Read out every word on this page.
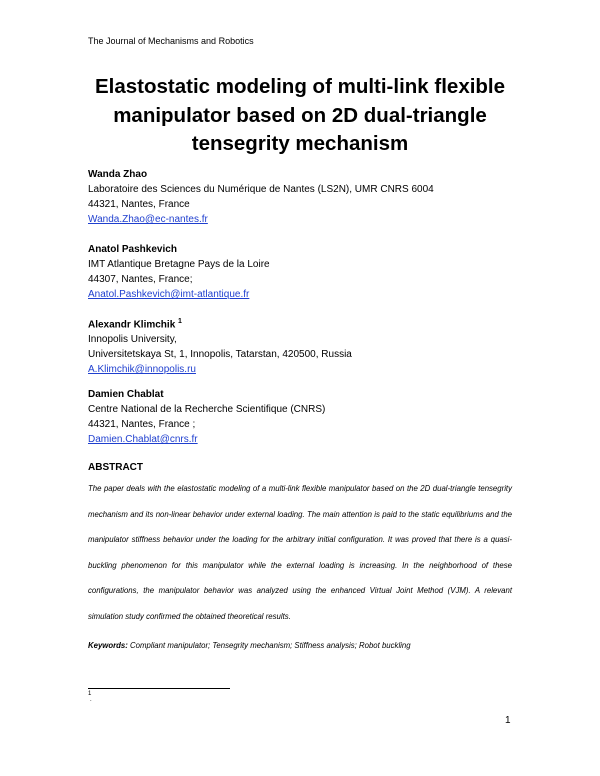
The Journal of Mechanisms and Robotics
Elastostatic modeling of multi-link flexible
manipulator based on 2D dual-triangle
tensegrity mechanism
Wanda Zhao
Laboratoire des Sciences du Numérique de Nantes (LS2N), UMR CNRS 6004
44321, Nantes, France
Wanda.Zhao@ec-nantes.fr
Anatol Pashkevich
IMT Atlantique Bretagne Pays de la Loire
44307, Nantes, France;
Anatol.Pashkevich@imt-atlantique.fr
Alexandr Klimchik $^1$
Innopolis University,
Universitetskaya St, 1, Innopolis, Tatarstan, 420500, Russia
A.Klimchik@innopolis.ru
Damien Chablat
Centre National de la Recherche Scientifique (CNRS)
44321, Nantes, France ;
Damien.Chablat@cnrs.fr
ABSTRACT
The paper deals with the elastostatic modeling of a multi-link flexible manipulator based on the 2D dual-triangle tensegrity mechanism and its non-linear behavior under external loading. The main attention is paid to the static equilibriums and the manipulator stiffness behavior under the loading for the arbitrary initial configuration. It was proved that there is a quasi-buckling phenomenon for this manipulator while the external loading is increasing. In the neighborhood of these configurations, the manipulator behavior was analyzed using the enhanced Virtual Joint Method (VJM). A relevant simulation study confirmed the obtained theoretical results.
Keywords: Compliant manipulator; Tensegrity mechanism; Stiffness analysis; Robot buckling
1
.
1
